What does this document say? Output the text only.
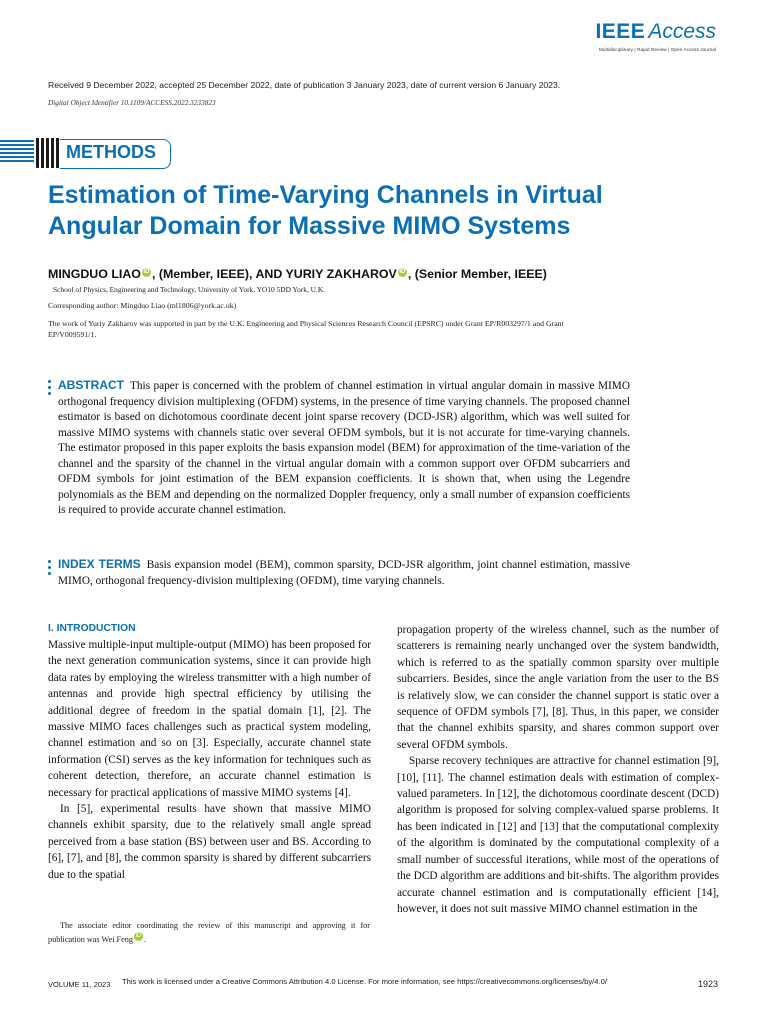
IEEE Access
Multidisciplinary | Rapid Review | Open Access Journal
Received 9 December 2022, accepted 25 December 2022, date of publication 3 January 2023, date of current version 6 January 2023.
Digital Object Identifier 10.1109/ACCESS.2022.3233823
METHODS
Estimation of Time-Varying Channels in Virtual Angular Domain for Massive MIMO Systems
MINGDUO LIAO iD , (Member, IEEE), AND YURIY ZAKHAROV iD , (Senior Member, IEEE)
School of Physics, Engineering and Technology, University of York, YO10 5DD York, U.K.
Corresponding author: Mingduo Liao (ml1806@york.ac.uk)
The work of Yuriy Zakharov was supported in part by the U.K. Engineering and Physical Sciences Research Council (EPSRC) under Grant EP/R003297/1 and Grant EP/V009591/1.
ABSTRACT This paper is concerned with the problem of channel estimation in virtual angular domain in massive MIMO orthogonal frequency division multiplexing (OFDM) systems, in the presence of time varying channels. The proposed channel estimator is based on dichotomous coordinate decent joint sparse recovery (DCD-JSR) algorithm, which was well suited for massive MIMO systems with channels static over several OFDM symbols, but it is not accurate for time-varying channels. The estimator proposed in this paper exploits the basis expansion model (BEM) for approximation of the time-variation of the channel and the sparsity of the channel in the virtual angular domain with a common support over OFDM subcarriers and OFDM symbols for joint estimation of the BEM expansion coefficients. It is shown that, when using the Legendre polynomials as the BEM and depending on the normalized Doppler frequency, only a small number of expansion coefficients is required to provide accurate channel estimation.
INDEX TERMS Basis expansion model (BEM), common sparsity, DCD-JSR algorithm, joint channel estimation, massive MIMO, orthogonal frequency-division multiplexing (OFDM), time varying channels.
I. INTRODUCTION

Massive multiple-input multiple-output (MIMO) has been proposed for the next generation communication systems, since it can provide high data rates by employing the wireless transmitter with a high number of antennas and provide high spectral efficiency by utilising the additional degree of freedom in the spatial domain [1], [2]. The massive MIMO faces challenges such as practical system modeling, channel estimation and so on [3]. Especially, accurate channel state information (CSI) serves as the key information for techniques such as coherent detection, therefore, an accurate channel estimation is necessary for practical applications of massive MIMO systems [4].

In [5], experimental results have shown that massive MIMO channels exhibit sparsity, due to the relatively small angle spread perceived from a base station (BS) between user and BS. According to [6], [7], and [8], the common sparsity is shared by different subcarriers due to the spatial

propagation property of the wireless channel, such as the number of scatterers is remaining nearly unchanged over the system bandwidth, which is referred to as the spatially common sparsity over multiple subcarriers. Besides, since the angle variation from the user to the BS is relatively slow, we can consider the channel support is static over a sequence of OFDM symbols [7], [8]. Thus, in this paper, we consider that the channel exhibits sparsity, and shares common support over several OFDM symbols.

Sparse recovery techniques are attractive for channel estimation [9], [10], [11]. The channel estimation deals with estimation of complex-valued parameters. In [12], the dichotomous coordinate descent (DCD) algorithm is proposed for solving complex-valued sparse problems. It has been indicated in [12] and [13] that the computational complexity of the algorithm is dominated by the computational complexity of a small number of successful iterations, while most of the operations of the DCD algorithm are additions and bit-shifts. The algorithm provides accurate channel estimation and is computationally efficient [14], however, it does not suit massive MIMO channel estimation in the

The associate editor coordinating the review of this manuscript and approving it for publication was Wei Feng iD .
VOLUME 11, 2023 This work is licensed under a Creative Commons Attribution 4.0 License. For more information, see https://creativecommons.org/licenses/by/4.0/	1923
